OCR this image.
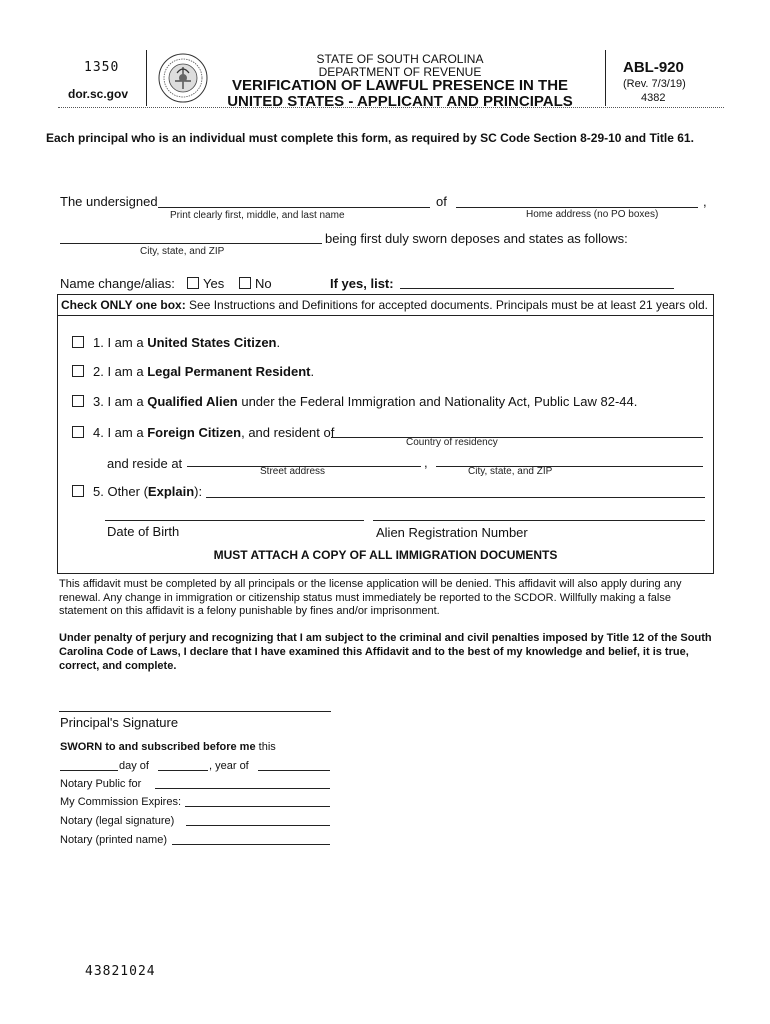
1350
dor.sc.gov
STATE OF SOUTH CAROLINA
DEPARTMENT OF REVENUE
VERIFICATION OF LAWFUL PRESENCE IN THE
UNITED STATES - APPLICANT AND PRINCIPALS
ABL-920
(Rev. 7/3/19)
4382
Each principal who is an individual must complete this form, as required by SC Code Section 8-29-10 and Title 61.
The undersigned	of	,
Print clearly first, middle, and last name	Home address (no PO boxes)
being first duly sworn deposes and states as follows:
City, state, and ZIP
Name change/alias: Yes No	If yes, list:
Check ONLY one box: See Instructions and Definitions for accepted documents. Principals must be at least 21 years old.
1. I am a United States Citizen.
2. I am a Legal Permanent Resident.
3. I am a Qualified Alien under the Federal Immigration and Nationality Act, Public Law 82-44.
4. I am a Foreign Citizen, and resident of
Country of residency
and reside at	,
Street address	City, state, and ZIP
5. Other (Explain):
Date of Birth	Alien Registration Number
MUST ATTACH A COPY OF ALL IMMIGRATION DOCUMENTS
This affidavit must be completed by all principals or the license application will be denied. This affidavit will also apply during any renewal. Any change in immigration or citizenship status must immediately be reported to the SCDOR. Willfully making a false statement on this affidavit is a felony punishable by fines and/or imprisonment.
Under penalty of perjury and recognizing that I am subject to the criminal and civil penalties imposed by Title 12 of the South Carolina Code of Laws, I declare that I have examined this Affidavit and to the best of my knowledge and belief, it is true, correct, and complete.
Principal's Signature
SWORN to and subscribed before me this
day of	, year of
Notary Public for
My Commission Expires:
Notary (legal signature)
Notary (printed name)
43821024
